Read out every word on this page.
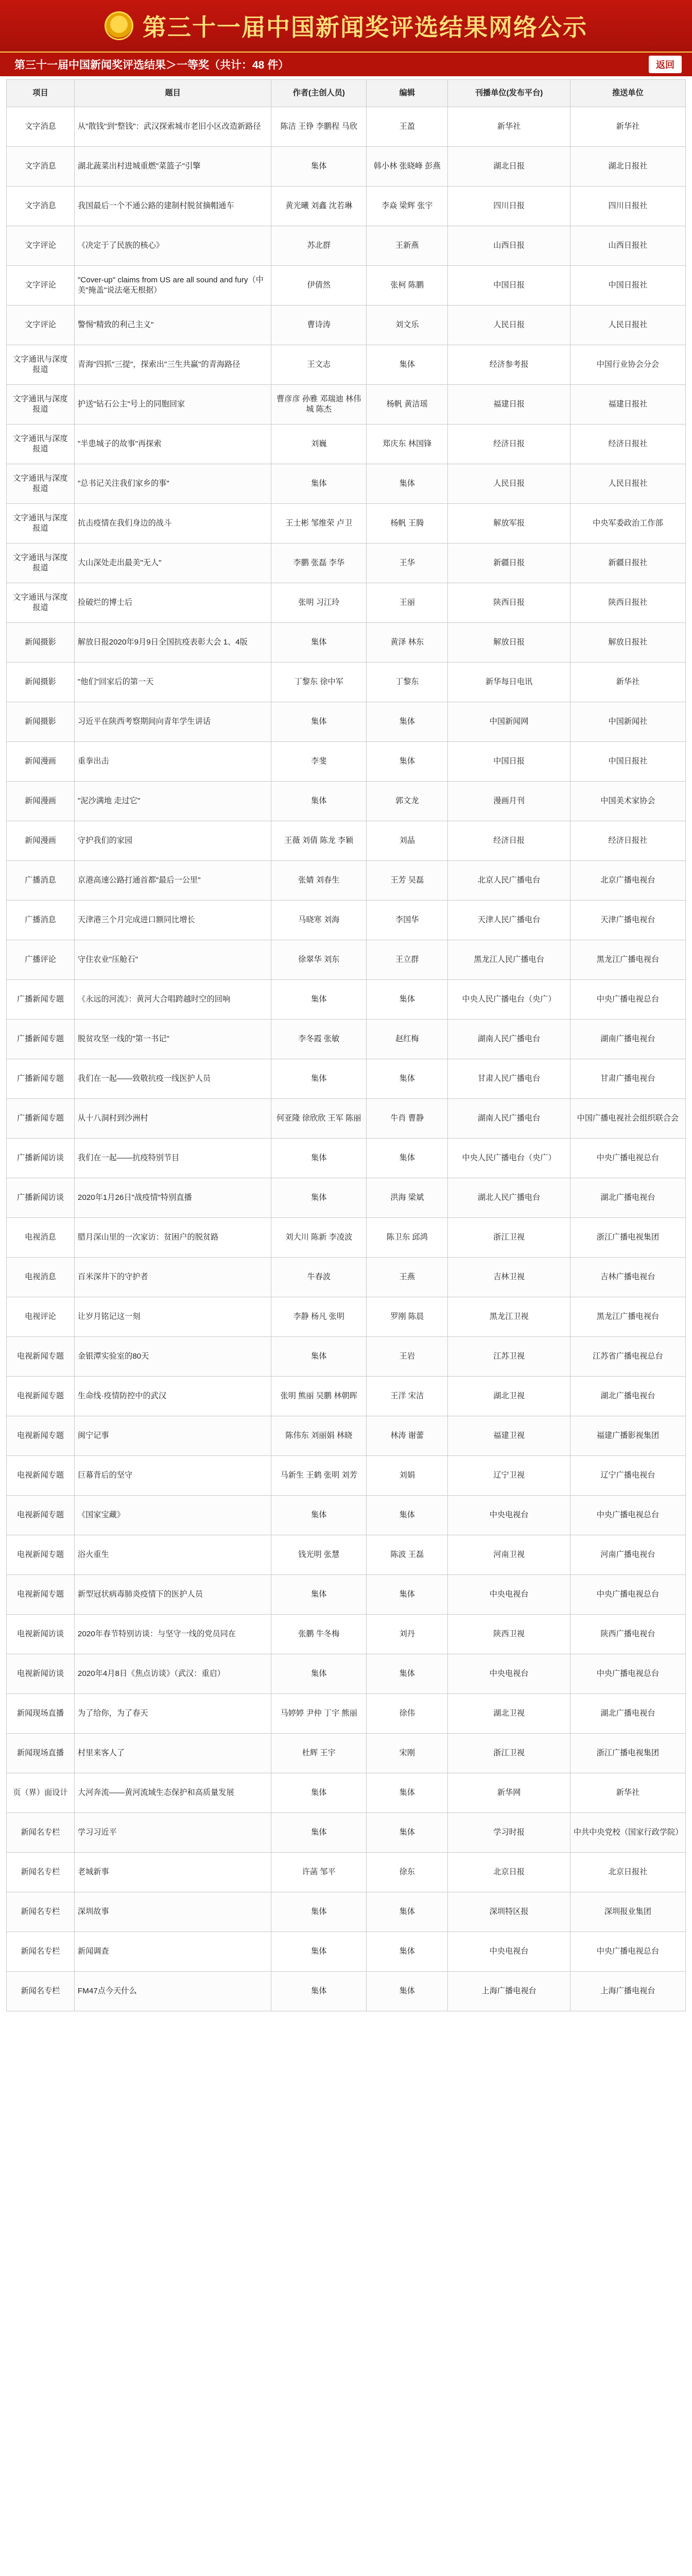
第三十一届中国新闻奖评选结果网络公示
第三十一届中国新闻奖评选结果＞一等奖（共计：48 件）	返回
项目	题目	作者(主创人员)	编辑	刊播单位(发布平台)	推送单位
文字消息	从"散钱"到"整钱"：武汉探索城市老旧小区改造新路径	陈洁 王铮 李鹏程 马欣	王盈	新华社	新华社
文字消息	湖北蔬菜出村进城重燃"菜篮子"引擎	集体	韩小林 张晓峰 彭燕	湖北日报	湖北日报社
文字消息	我国最后一个不通公路的建制村脱贫摘帽通车	黄光曦 刘鑫 沈若琳	李焱 梁辉 张宇	四川日报	四川日报社
文字评论	《决定于了民族的核心》	苏北群	王新燕	山西日报	山西日报社
文字评论	"Cover-up" claims from US are all sound and fury（中美"掩盖"说法毫无根据）	伊倩然	张柯 陈鹏	中国日报	中国日报社
文字评论	警惕"精致的利己主义"	曹诗涛	刘文乐	人民日报	人民日报社
文字通讯与深度报道	青海"四抓"三提"，探索出"三生共赢"的青海路径	王文志	集体	经济参考报	中国行业协会分会
文字通讯与深度报道	护送"钻石公主"号上的同胞回家	曹彦彦 孙雅 邓瑞迪 林伟城 陈杰	杨帆 黄洁瑶	福建日报	福建日报社
文字通讯与深度报道	"半患城子的故事"再探索	刘巍	郑庆东 林国锋	经济日报	经济日报社
文字通讯与深度报道	"总书记关注我们家乡的事"	集体	集体	人民日报	人民日报社
文字通讯与深度报道	抗击疫情在我们身边的战斗	王士彬 邹维荣 卢卫	杨帆 王腾	解放军报	中央军委政治工作部
文字通讯与深度报道	大山深处走出最美"无人"	李鹏 张磊 李华	王华	新疆日报	新疆日报社
文字通讯与深度报道	捡破烂的博士后	张明 习江玲	王丽	陕西日报	陕西日报社
新闻摄影	解放日报2020年9月9日全国抗疫表彰大会 1、4版	集体	黄泽 林东	解放日报	解放日报社
新闻摄影	"他们"回家后的第一天	丁黎东 徐中军	丁黎东	新华每日电讯	新华社
新闻摄影	习近平在陕西考察期间向青年学生讲话	集体	集体	中国新闻网	中国新闻社
新闻漫画	重拳出击	李斐	集体	中国日报	中国日报社
新闻漫画	"泥沙满地 走过它"	集体	郭文龙	漫画月刊	中国美术家协会
新闻漫画	守护我们的家园	王薇 刘倩 陈龙 李颖	刘晶	经济日报	经济日报社
广播消息	京港高速公路打通首都"最后一公里"	张婧 刘春生	王芳 吴磊	北京人民广播电台	北京广播电视台
广播消息	天津港三个月完成进口额同比增长	马晓寒 刘海	李国华	天津人民广播电台	天津广播电视台
广播评论	守住农业"压舱石"	徐翠华 刘东	王立群	黑龙江人民广播电台	黑龙江广播电视台
广播新闻专题	《永远的河流》：黄河大合唱跨越时空的回响	集体	集体	中央人民广播电台（央广）	中央广播电视总台
广播新闻专题	脱贫攻坚一线的"第一书记"	李冬霞 张敏	赵红梅	湖南人民广播电台	湖南广播电视台
广播新闻专题	我们在一起——致敬抗疫一线医护人员	集体	集体	甘肃人民广播电台	甘肃广播电视台
广播新闻专题	从十八洞村到沙洲村	何亚隆 徐欣欣 王军 陈丽	牛肖 曹静	湖南人民广播电台	中国广播电视社会组织联合会
广播新闻访谈	我们在一起——抗疫特别节目	集体	集体	中央人民广播电台（央广）	中央广播电视总台
广播新闻访谈	2020年1月26日"战疫情"特别直播	集体	洪海 梁斌	湖北人民广播电台	湖北广播电视台
电视消息	腊月深山里的一次家访：贫困户的脱贫路	刘大川 陈新 李凌波	陈卫东 邱鸿	浙江卫视	浙江广播电视集团
电视消息	百米深井下的守护者	牛春波	王燕	吉林卫视	吉林广播电视台
电视评论	让岁月铭记这一刻	李静 杨凡 张明	罗刚 陈晨	黑龙江卫视	黑龙江广播电视台
电视新闻专题	金银潭实验室的80天	集体	王岩	江苏卫视	江苏省广播电视总台
电视新闻专题	生命线·疫情防控中的武汉	张明 熊丽 吴鹏 林朝晖	王洋 宋洁	湖北卫视	湖北广播电视台
电视新闻专题	闽宁记事	陈伟东 刘丽娟 林晓	林涛 谢蕾	福建卫视	福建广播影视集团
电视新闻专题	巨幕背后的坚守	马新生 王鹤 张明 刘芳	刘娟	辽宁卫视	辽宁广播电视台
电视新闻专题	《国家宝藏》	集体	集体	中央电视台	中央广播电视总台
电视新闻专题	浴火重生	钱光明 张慧	陈波 王磊	河南卫视	河南广播电视台
电视新闻专题	新型冠状病毒肺炎疫情下的医护人员	集体	集体	中央电视台	中央广播电视总台
电视新闻访谈	2020年春节特别访谈：与坚守一线的党员同在	张鹏 牛冬梅	刘丹	陕西卫视	陕西广播电视台
电视新闻访谈	2020年4月8日《焦点访谈》（武汉：重启）	集体	集体	中央电视台	中央广播电视总台
新闻现场直播	为了给你，为了春天	马婷婷 尹仲 丁宇 熊丽	徐伟	湖北卫视	湖北广播电视台
新闻现场直播	村里来客人了	杜辉 王宇	宋刚	浙江卫视	浙江广播电视集团
页（界）面设计	大河奔流——黄河流域生态保护和高质量发展	集体	集体	新华网	新华社
新闻名专栏	学习习近平	集体	集体	学习时报	中共中央党校（国家行政学院）
新闻名专栏	老城新事	许菡 邹平	徐东	北京日报	北京日报社
新闻名专栏	深圳故事	集体	集体	深圳特区报	深圳报业集团
新闻名专栏	新闻调查	集体	集体	中央电视台	中央广播电视总台
新闻名专栏	FM47点今天什么	集体	集体	上海广播电视台	上海广播电视台
